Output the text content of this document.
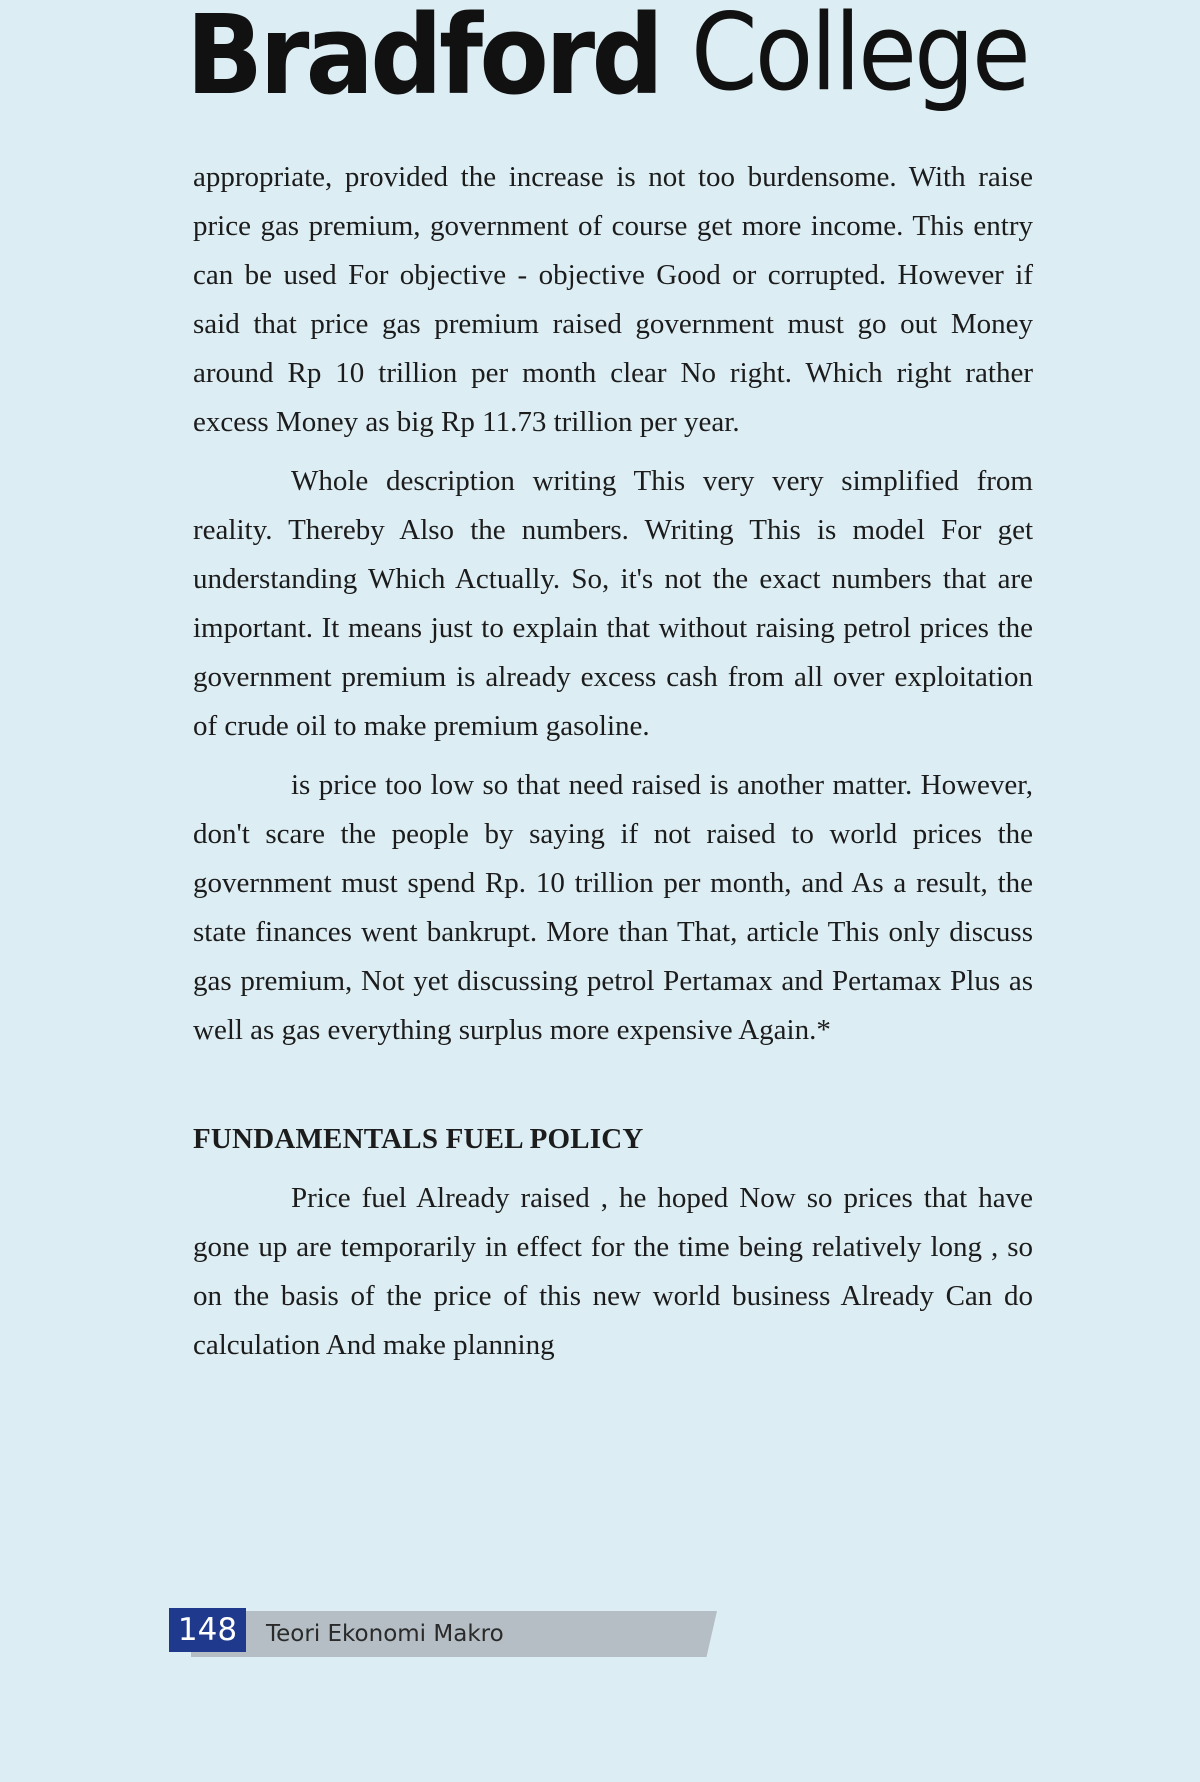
Bradford College

appropriate, provided the increase is not too burdensome. With raise price gas premium, government of course get more income. This entry can be used For objective - objective Good or corrupted. However if said that price gas premium raised government must go out Money around Rp 10 trillion per month clear No right. Which right rather excess Money as big Rp 11.73 trillion per year.

Whole description writing This very very simplified from reality. Thereby Also the numbers. Writing This is model For get understanding Which Actually. So, it's not the exact numbers that are important. It means just to explain that without raising petrol prices the government premium is already excess cash from all over exploitation of crude oil to make premium gasoline.

is price too low so that need raised is another matter. However, don't scare the people by saying if not raised to world prices the government must spend Rp. 10 trillion per month, and As a result, the state finances went bankrupt. More than That, article This only discuss gas premium, Not yet discussing petrol Pertamax and Pertamax Plus as well as gas everything surplus more expensive Again.*

FUNDAMENTALS FUEL POLICY

Price fuel Already raised , he hoped Now so prices that have gone up are temporarily in effect for the time being relatively long , so on the basis of the price of this new world business Already Can do calculation And make planning

148	Teori Ekonomi Makro
